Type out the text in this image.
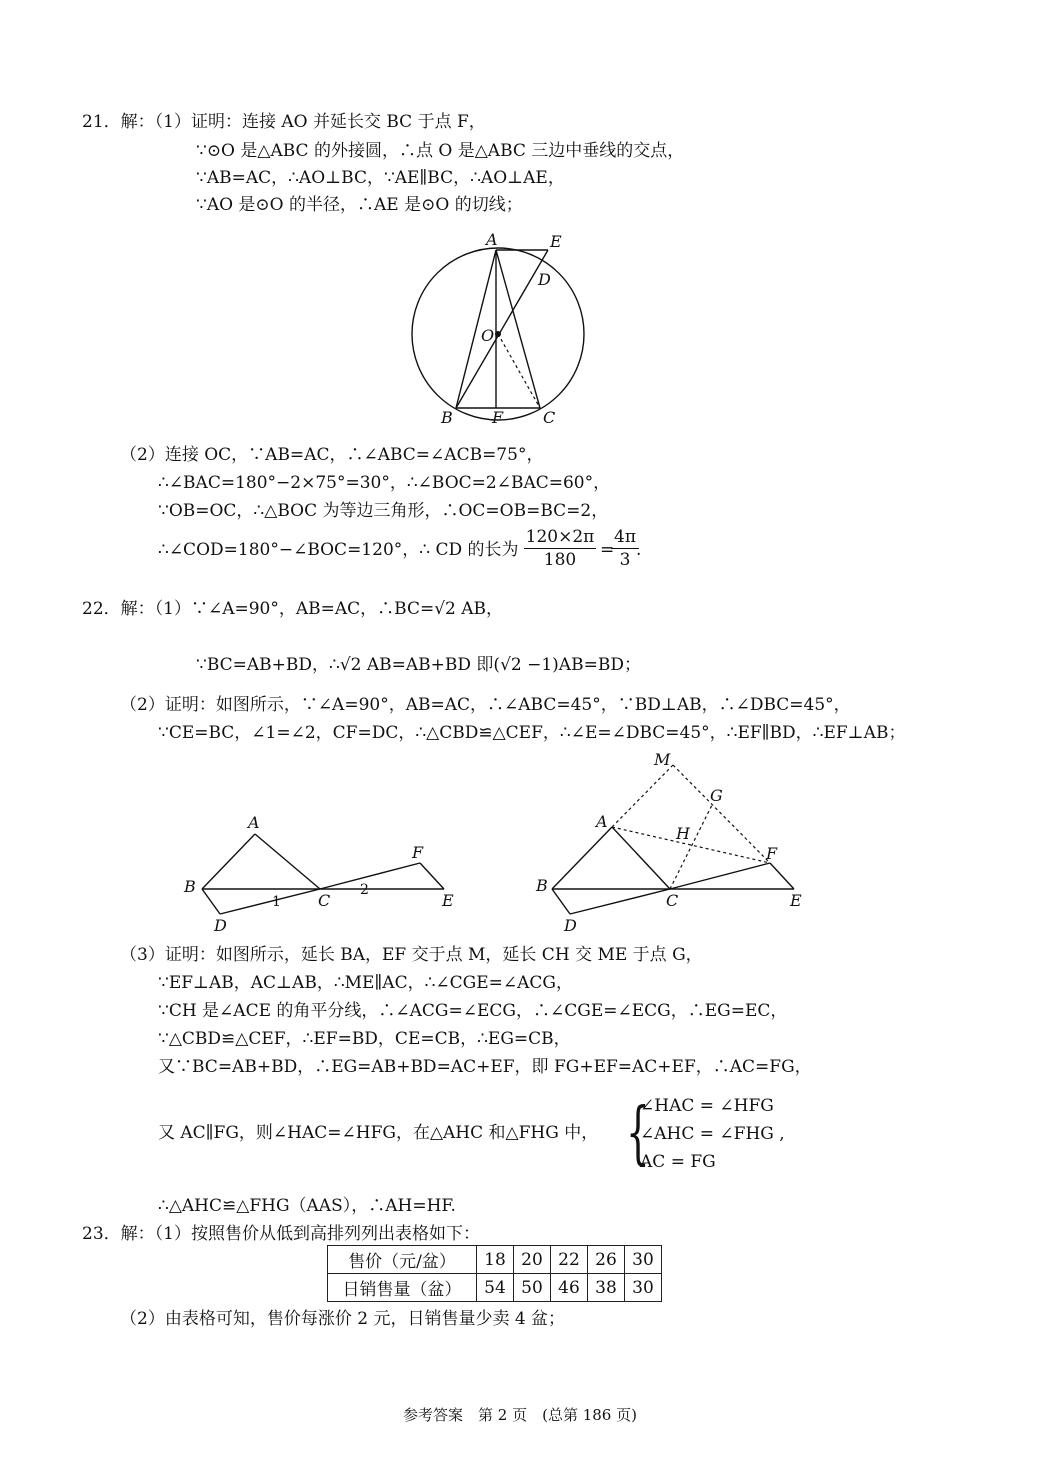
21．解：（1）证明：连接 AO 并延长交 BC 于点 F，
∵⊙O 是△ABC 的外接圆，∴点 O 是△ABC 三边中垂线的交点，
∵AB=AC，∴AO⊥BC，∵AE∥BC，∴AO⊥AE，
∵AO 是⊙O 的半径，∴AE 是⊙O 的切线；
A	E
D
O
B F C
（2）连接 OC，∵AB=AC，∴∠ABC=∠ACB=75°，
∴∠BAC=180°−2×75°=30°，∴∠BOC=2∠BAC=60°，
∵OB=OC，∴△BOC 为等边三角形，∴OC=OB=BC=2，
∴∠COD=180°−∠BOC=120°，∴ CD 的长为 $\frac{120\times 2\pi}{180}$ =
$\frac{4\pi}{3}$
.
22．解：（1）∵∠A=90°，AB=AC，∴BC=√2 AB，
∵BC=AB+BD，∴√2 AB=AB+BD 即(√2 −1)AB=BD；
（2）证明：如图所示，∵∠A=90°，AB=AC，∴∠ABC=45°，∵BD⊥AB，∴∠DBC=45°，
∵CE=BC，∠1=∠2，CF=DC，∴△CBD≌△CEF，∴∠E=∠DBC=45°，∴EF∥BD，∴EF⊥AB；
A
B
C
D
E
F
1
2
M
G
A
H
F
B
C	E
D
（3）证明：如图所示，延长 BA，EF 交于点 M，延长 CH 交 ME 于点 G，
∵EF⊥AB，AC⊥AB，∴ME∥AC，∴∠CGE=∠ACG，
∵CH 是∠ACE 的角平分线，∴∠ACG=∠ECG，∴∠CGE=∠ECG，∴EG=EC，
∵△CBD≌△CEF，∴EF=BD，CE=CB，∴EG=CB，
又∵BC=AB+BD，∴EG=AB+BD=AC+EF，即 FG+EF=AC+EF，∴AC=FG，
又 AC∥FG，则∠HAC=∠HFG，在△AHC 和△FHG 中， {
∠HAC = ∠HFG
∠AHC = ∠FHG ,
AC = FG
∴△AHC≌△FHG（AAS），∴AH=HF.
23．解：（1）按照售价从低到高排列列出表格如下：
售价（元/盆）	18	20	22	26	30
日销售量（盆）	54	50	46	38	30
（2）由表格可知，售价每涨价 2 元，日销售量少卖 4 盆；
参考答案　第 2 页　(总第 186 页)
